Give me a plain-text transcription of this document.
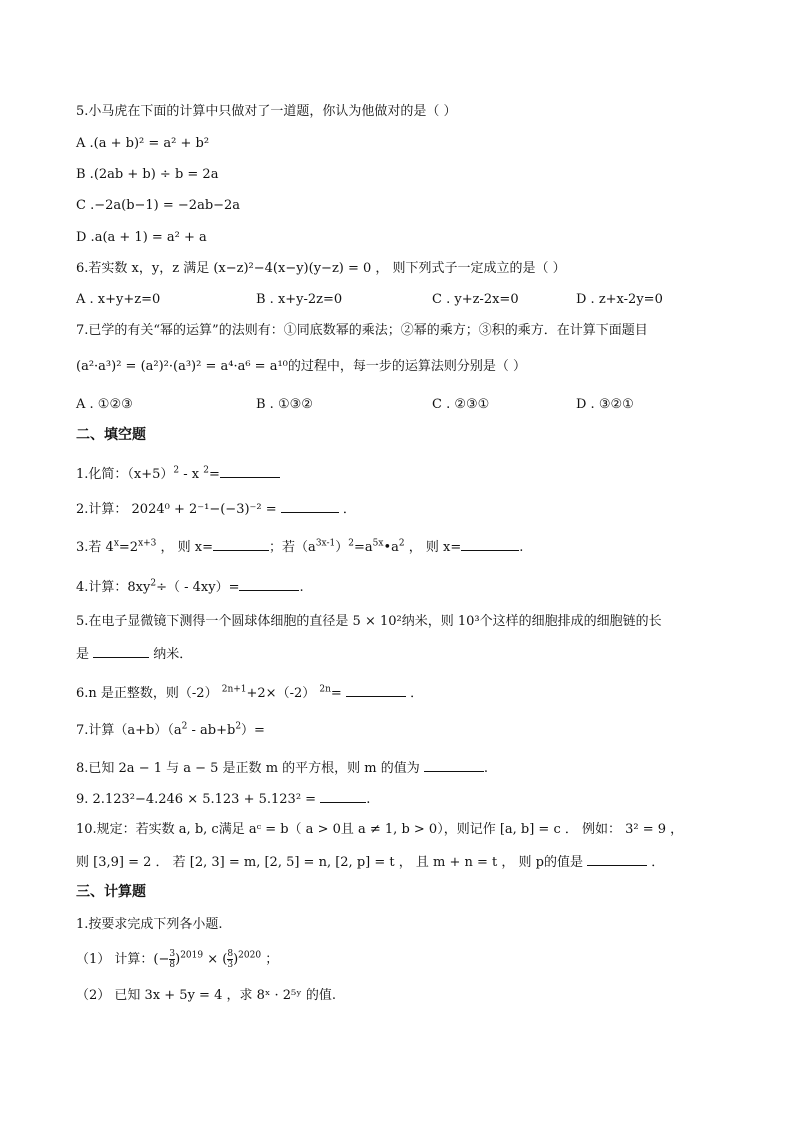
5.小马虎在下面的计算中只做对了一道题，你认为他做对的是（ ）
A .(a + b)² = a² + b²
B .(2ab + b) ÷ b = 2a
C .−2a(b−1) = −2ab−2a
D .a(a + 1) = a² + a
6.若实数 x，y，z 满足 (x−z)²−4(x−y)(y−z) = 0 ， 则下列式子一定成立的是（ ）
A . x+y+z=0	B . x+y-2z=0	C . y+z-2x=0	D . z+x-2y=0
7.已学的有关“幂的运算”的法则有：①同底数幂的乘法；②幂的乘方；③积的乘方．在计算下面题目
(a²·a³)² = (a²)²·(a³)² = a⁴·a⁶ = a¹⁰的过程中，每一步的运算法则分别是（ ）
A . ①②③	B . ①③②	C . ②③①	D . ③②①
二、填空题
1.化简：$(x+5)^2 - x$ $^2$=
2.计算： 2024⁰ + 2⁻¹−(−3)⁻² =	．
3.若 $4^x=2^{x+3}$ ， 则 x=	；若$(a^{3x-1})^2=a^{5x}•a^2$ ， 则 x=	.
4.计算：$8xy^2\div( - 4xy)=$	.
5.在电子显微镜下测得一个圆球体细胞的直径是 5 × 10²纳米，则 10³个这样的细胞排成的细胞链的长
是	纳米．
6.n 是正整数，则（-2） $^{2n+1}$+2×（-2） $^{2n}$=	．
7.计算$(a+b)(a^2 - ab+b^2)=$
8.已知 2a − 1 与 a − 5 是正数 m 的平方根，则 m 的值为	.
9. 2.123²−4.246 × 5.123 + 5.123² =	.
10.规定：若实数 a, b, c满足 aᶜ = b（ a > 0且 a ≠ 1, b > 0），则记作 [a, b] = c ． 例如： 3² = 9 ，
则 [3,9] = 2 ． 若 [2, 3] = m, [2, 5] = n, [2, p] = t ， 且 m + n = t ， 则 p的值是	．
三、计算题
1.按要求完成下列各小题.
（1） 计算：(− $\frac{3}{8} )^{2019}$ × ( $\frac{8}{3} )^{2020}$ ；
（2） 已知 3x + 5y = 4 ，求 8ˣ · 2⁵ʸ 的值.
